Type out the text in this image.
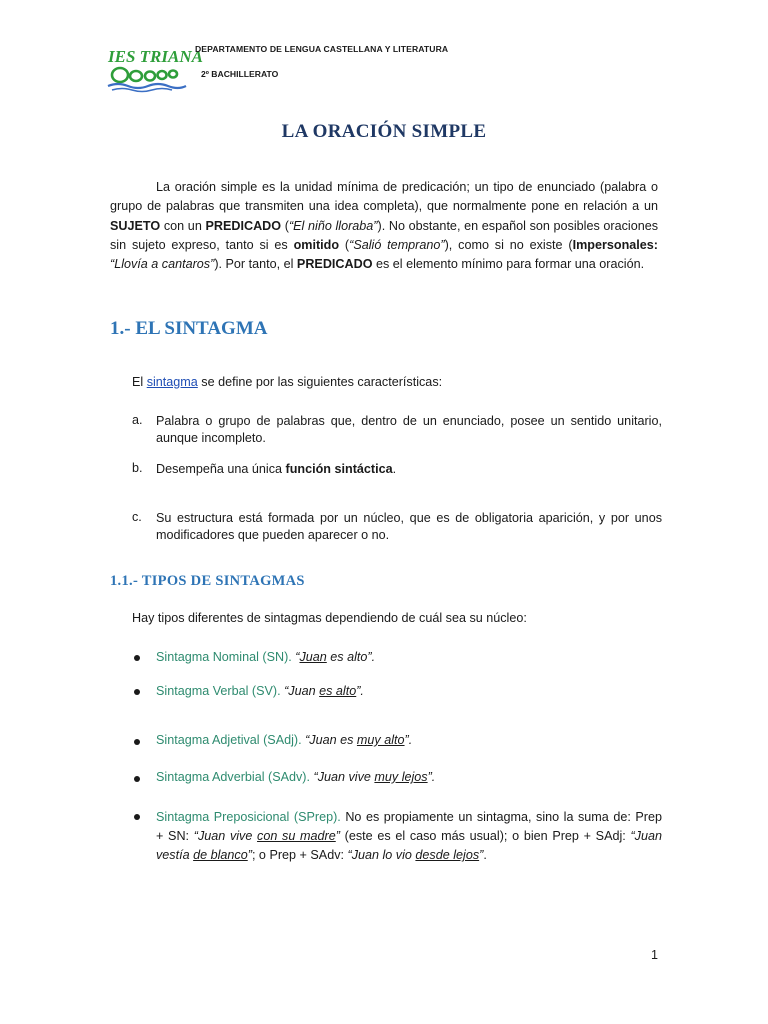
IES TRIANA
DEPARTAMENTO DE LENGUA CASTELLANA Y LITERATURA
2º BACHILLERATO
LA ORACIÓN SIMPLE
La oración simple es la unidad mínima de predicación; un tipo de enunciado (palabra o
grupo de palabras que transmiten una idea completa), que normalmente pone en relación a un
SUJETO con un PREDICADO (“El niño lloraba”). No obstante, en español son posibles oraciones
sin sujeto expreso, tanto si es omitido (“Salió temprano”), como si no existe (Impersonales:
“Llovía a cantaros”). Por tanto, el PREDICADO es el elemento mínimo para formar una oración.
1.- EL SINTAGMA
El sintagma se define por las siguientes características:
a. Palabra o grupo de palabras que, dentro de un enunciado, posee un sentido unitario,
aunque incompleto.
b. Desempeña una única función sintáctica.
c. Su estructura está formada por un núcleo, que es de obligatoria aparición, y por unos
modificadores que pueden aparecer o no.
1.1.- TIPOS DE SINTAGMAS
Hay tipos diferentes de sintagmas dependiendo de cuál sea su núcleo:
Sintagma Nominal (SN). “Juan es alto”.
Sintagma Verbal (SV). “Juan es alto”.
Sintagma Adjetival (SAdj). “Juan es muy alto”.
Sintagma Adverbial (SAdv). “Juan vive muy lejos”.
Sintagma Preposicional (SPrep). No es propiamente un sintagma, sino la suma de: Prep
+ SN: “Juan vive con su madre” (este es el caso más usual); o bien Prep + SAdj: “Juan
vestía de blanco”; o Prep + SAdv: “Juan lo vio desde lejos”.
1
